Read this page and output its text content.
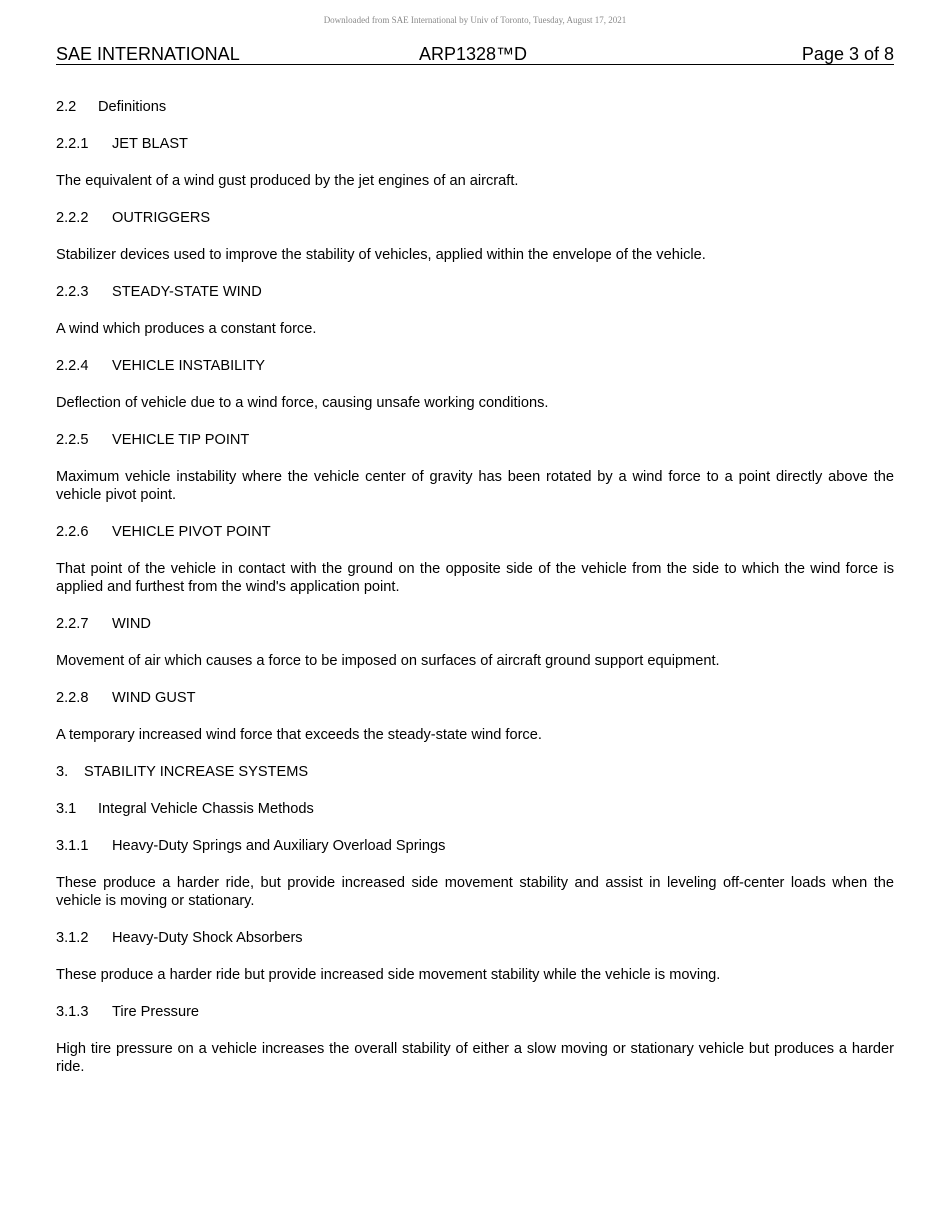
Downloaded from SAE International by Univ of Toronto, Tuesday, August 17, 2021
SAE INTERNATIONAL	ARP1328™D	Page 3 of 8
2.2 Definitions
2.2.1 JET BLAST
The equivalent of a wind gust produced by the jet engines of an aircraft.
2.2.2 OUTRIGGERS
Stabilizer devices used to improve the stability of vehicles, applied within the envelope of the vehicle.
2.2.3 STEADY-STATE WIND
A wind which produces a constant force.
2.2.4 VEHICLE INSTABILITY
Deflection of vehicle due to a wind force, causing unsafe working conditions.
2.2.5 VEHICLE TIP POINT
Maximum vehicle instability where the vehicle center of gravity has been rotated by a wind force to a point directly above the vehicle pivot point.
2.2.6 VEHICLE PIVOT POINT
That point of the vehicle in contact with the ground on the opposite side of the vehicle from the side to which the wind force is applied and furthest from the wind's application point.
2.2.7 WIND
Movement of air which causes a force to be imposed on surfaces of aircraft ground support equipment.
2.2.8 WIND GUST
A temporary increased wind force that exceeds the steady-state wind force.
3. STABILITY INCREASE SYSTEMS
3.1 Integral Vehicle Chassis Methods
3.1.1 Heavy-Duty Springs and Auxiliary Overload Springs
These produce a harder ride, but provide increased side movement stability and assist in leveling off-center loads when the vehicle is moving or stationary.
3.1.2 Heavy-Duty Shock Absorbers
These produce a harder ride but provide increased side movement stability while the vehicle is moving.
3.1.3 Tire Pressure
High tire pressure on a vehicle increases the overall stability of either a slow moving or stationary vehicle but produces a harder ride.
